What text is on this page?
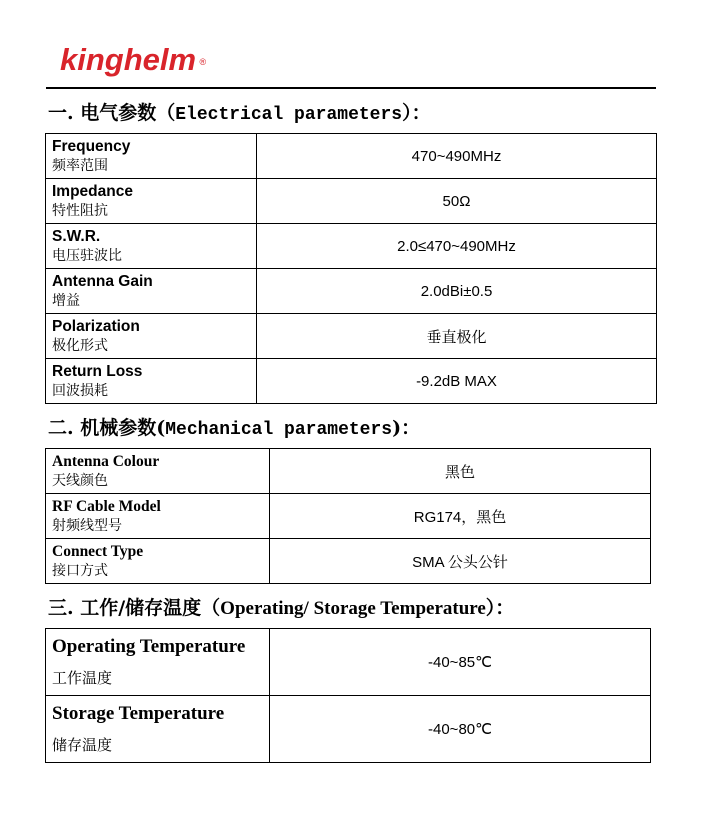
kinghelm ®
一. 电气参数（Electrical parameters）：
Frequency
频率范围	470~490MHz

Impedance
特性阻抗	50Ω

S.W.R.
电压驻波比	2.0≤470~490MHz

Antenna Gain
增益	2.0dBi±0.5

Polarization
极化形式	垂直极化

Return Loss
回波损耗	-9.2dB MAX
二. 机械参数(Mechanical parameters)：
Antenna Colour
天线颜色	黑色

RF Cable Model
射频线型号	RG174，黑色

Connect Type
接口方式	SMA 公头公针
三. 工作/储存温度（Operating/ Storage Temperature）：
Operating Temperature
工作温度	-40~85℃

Storage Temperature
储存温度	-40~80℃
